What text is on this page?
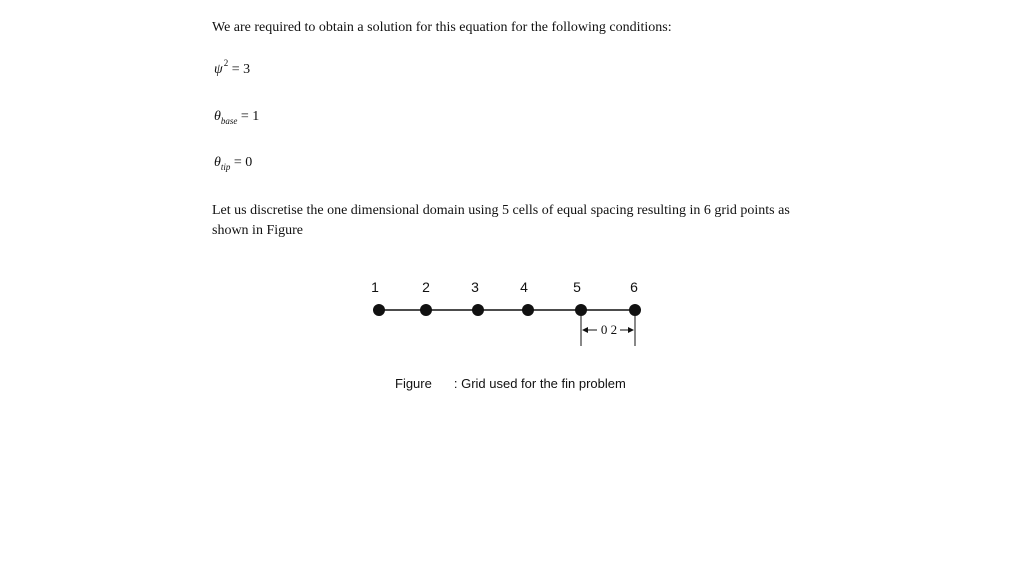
We are required to obtain a solution for this equation for the following conditions:

$\psi^2 = 3$
$\theta_{base} = 1$
$\theta_{tip} = 0$

Let us discretise the one dimensional domain using 5 cells of equal spacing resulting in 6 grid points as shown in Figure

1	2	3	4	5	6
0 2
Figure : Grid used for the fin problem
